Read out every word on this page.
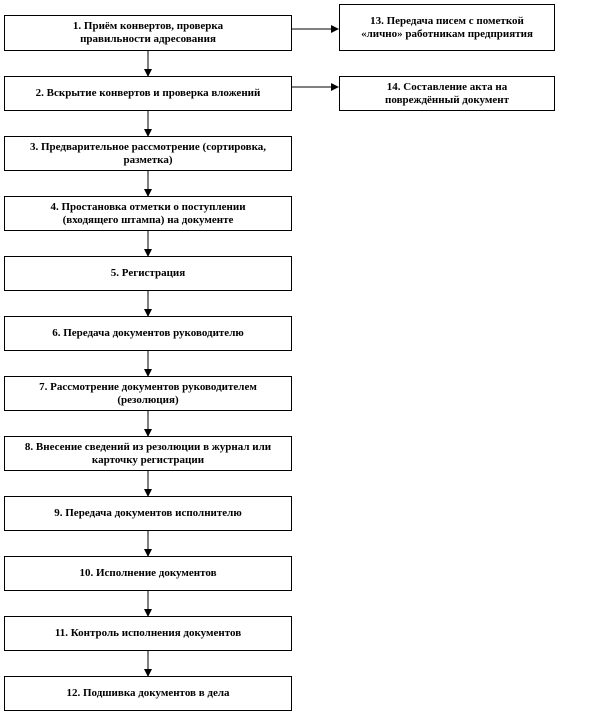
1. Приём конвертов, проверка
правильности адресования
2. Вскрытие конвертов и проверка вложений
3. Предварительное рассмотрение (сортировка,
разметка)
4. Простановка отметки о поступлении
(входящего штампа) на документе
5. Регистрация
6. Передача документов руководителю
7. Рассмотрение документов руководителем
(резолюция)
8. Внесение сведений из резолюции в журнал или
карточку регистрации
9. Передача документов исполнителю
10. Исполнение документов
11. Контроль исполнения документов
12. Подшивка документов в дела
13. Передача писем с пометкой
«лично» работникам предприятия
14. Составление акта на
повреждённый документ
